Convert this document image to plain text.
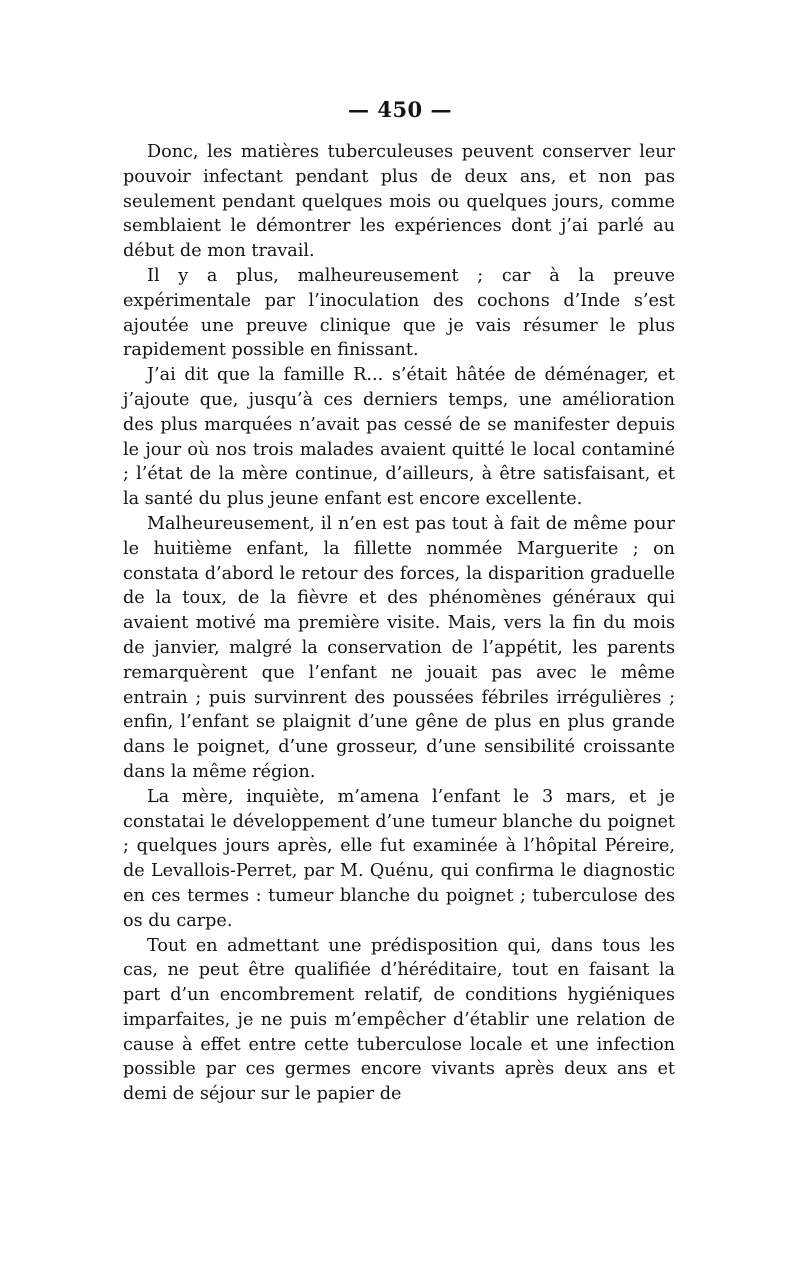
— 450 —

Donc, les matières tuberculeuses peuvent conserver leur pouvoir infectant pendant plus de deux ans, et non pas seulement pendant quelques mois ou quelques jours, comme semblaient le démontrer les expériences dont j’ai parlé au début de mon travail.

Il y a plus, malheureusement ; car à la preuve expérimentale par l’inoculation des cochons d’Inde s’est ajoutée une preuve clinique que je vais résumer le plus rapidement possible en finissant.

J’ai dit que la famille R... s’était hâtée de déménager, et j’ajoute que, jusqu’à ces derniers temps, une amélioration des plus marquées n’avait pas cessé de se manifester depuis le jour où nos trois malades avaient quitté le local contaminé ; l’état de la mère continue, d’ailleurs, à être satisfaisant, et la santé du plus jeune enfant est encore excellente.

Malheureusement, il n’en est pas tout à fait de même pour le huitième enfant, la fillette nommée Marguerite ; on constata d’abord le retour des forces, la disparition graduelle de la toux, de la fièvre et des phénomènes généraux qui avaient motivé ma première visite. Mais, vers la fin du mois de janvier, malgré la conservation de l’appétit, les parents remarquèrent que l’enfant ne jouait pas avec le même entrain ; puis survinrent des poussées fébriles irrégulières ; enfin, l’enfant se plaignit d’une gêne de plus en plus grande dans le poignet, d’une grosseur, d’une sensibilité croissante dans la même région.

La mère, inquiète, m’amena l’enfant le 3 mars, et je constatai le développement d’une tumeur blanche du poignet ; quelques jours après, elle fut examinée à l’hôpital Péreire, de Levallois-Perret, par M. Quénu, qui confirma le diagnostic en ces termes : tumeur blanche du poignet ; tuberculose des os du carpe.

Tout en admettant une prédisposition qui, dans tous les cas, ne peut être qualifiée d’héréditaire, tout en faisant la part d’un encombrement relatif, de conditions hygiéniques imparfaites, je ne puis m’empêcher d’établir une relation de cause à effet entre cette tuberculose locale et une infection possible par ces germes encore vivants après deux ans et demi de séjour sur le papier de
